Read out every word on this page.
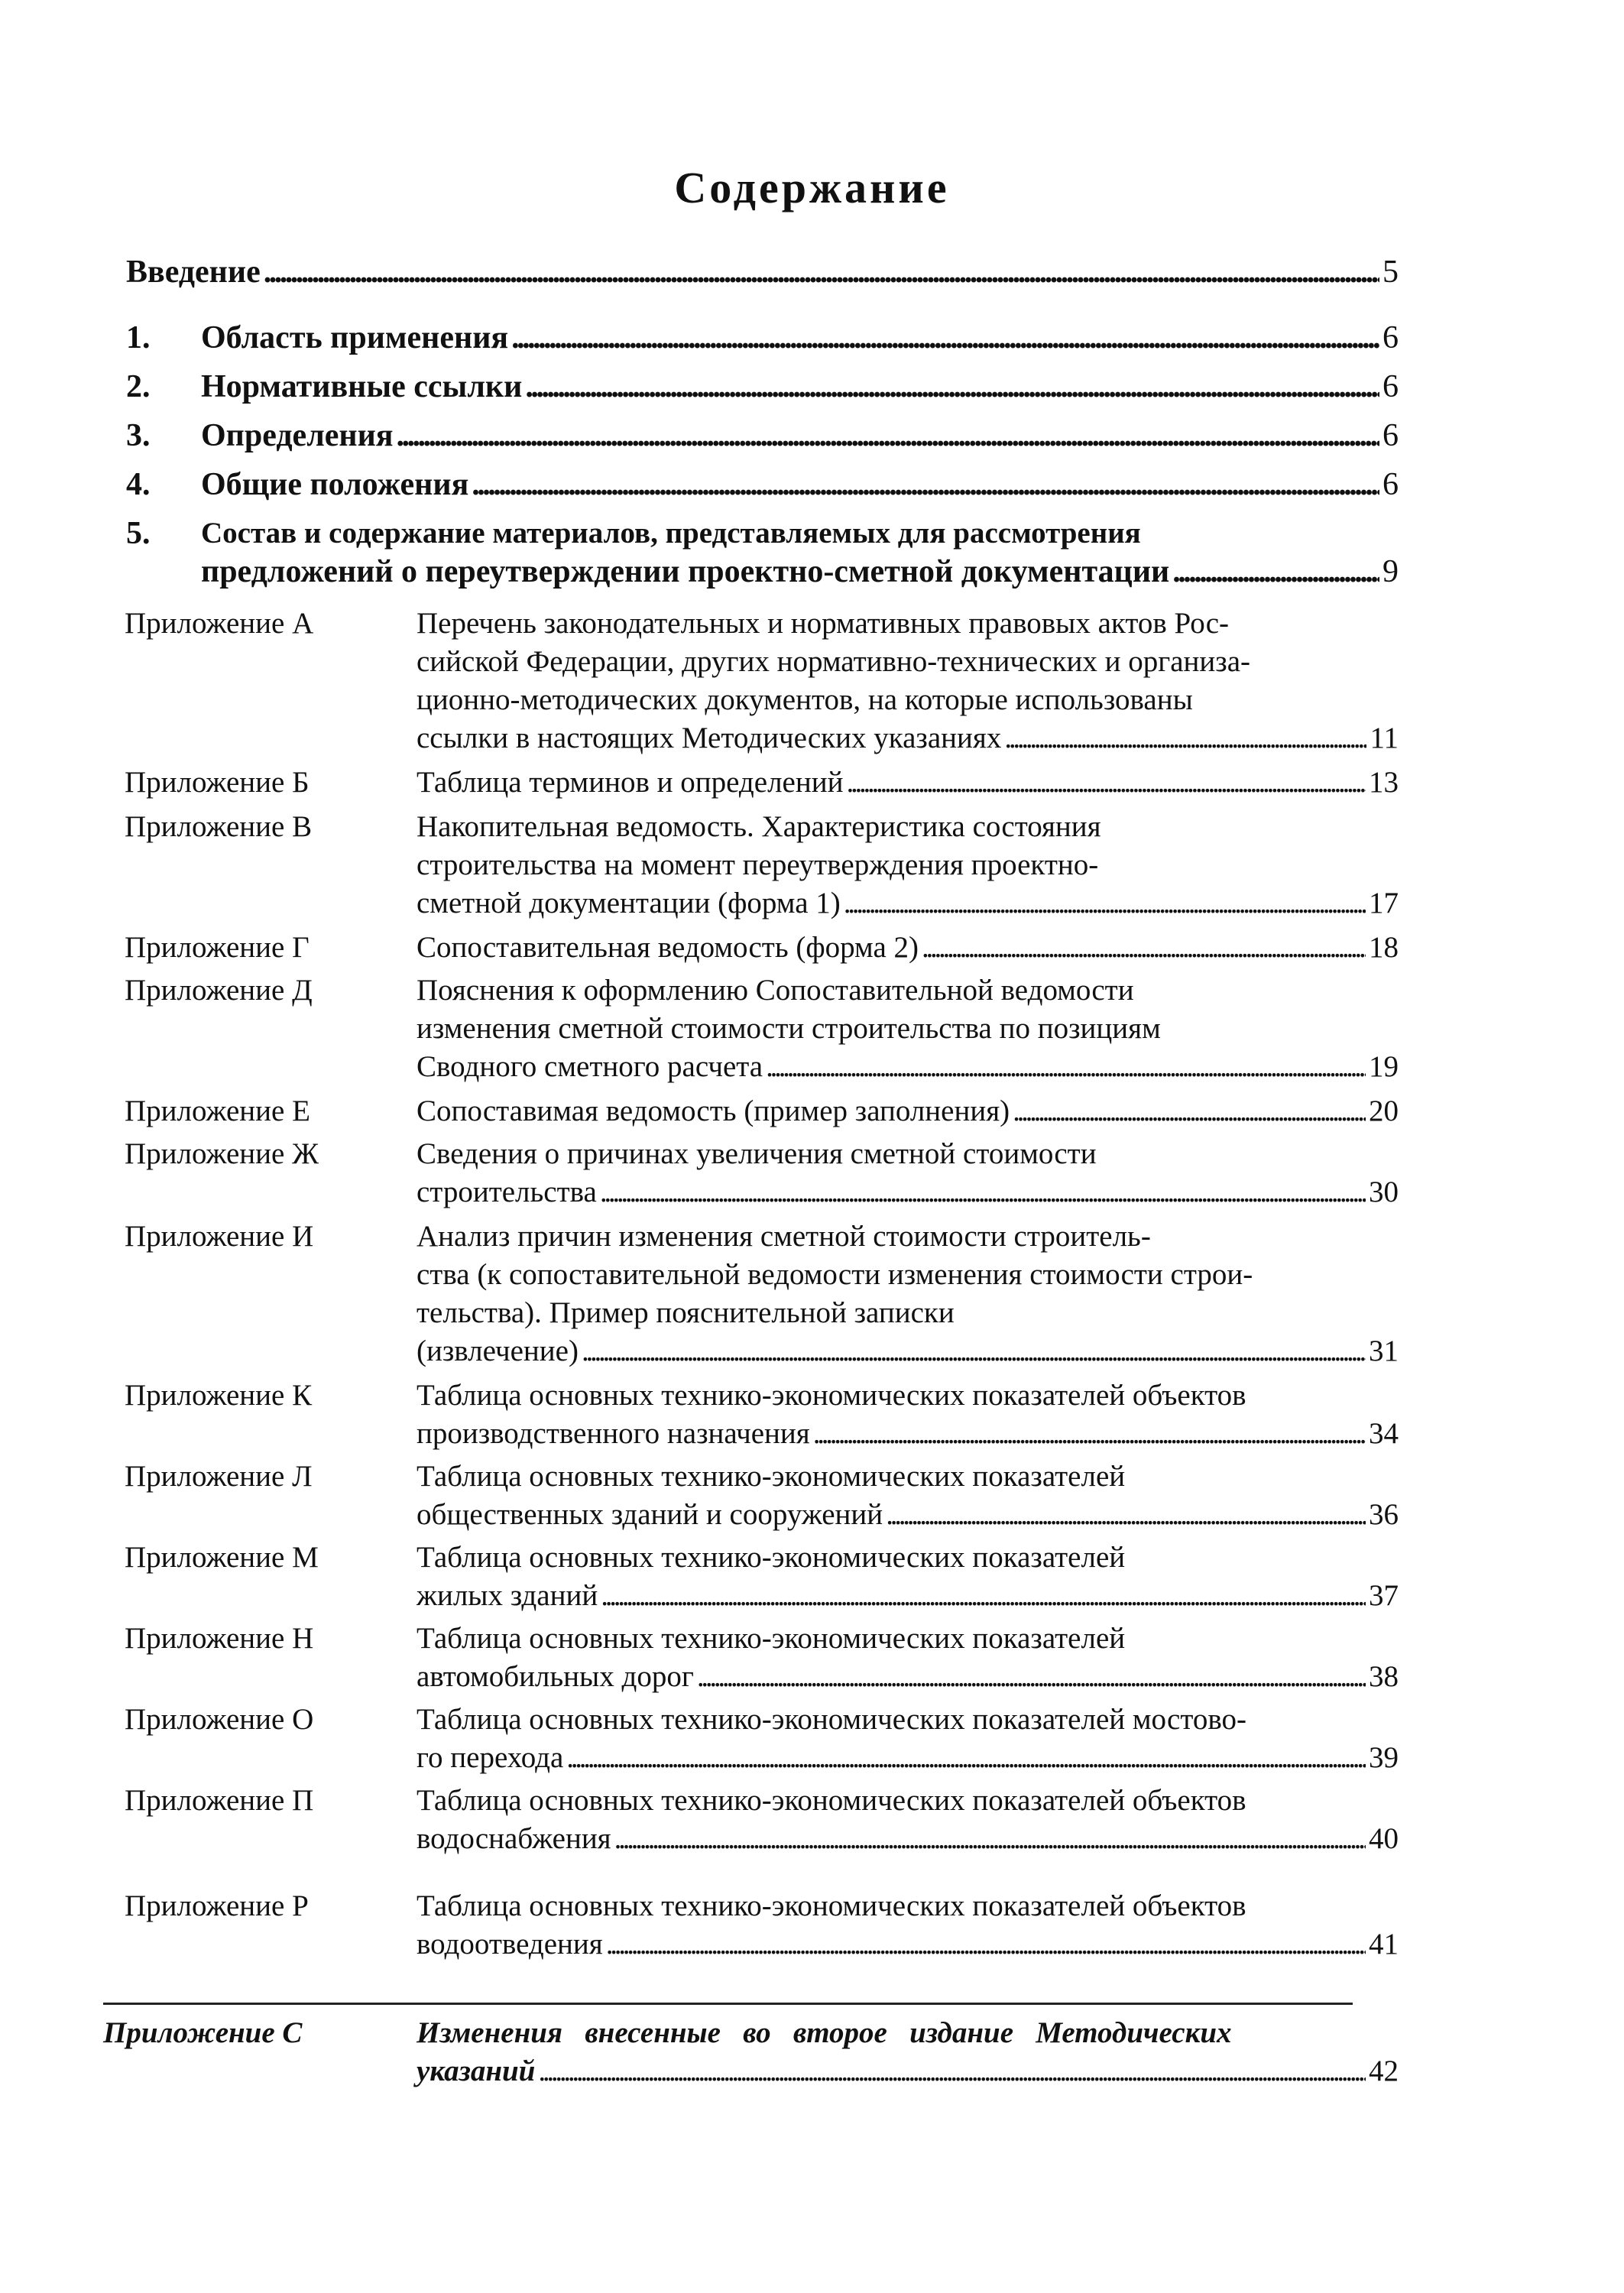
Содержание
Введение . . .	5
1. Область применения . . .	6
2. Нормативные ссылки . . .	6
3. Определения . . .	6
4. Общие положения . . .	6
5. Состав и содержание материалов, представляемых для рассмотрения
предложений о переутверждении проектно-сметной документации . . .	9
Приложение А	Перечень законодательных и нормативных правовых актов Рос-
сийской Федерации, других нормативно-технических и организа-
ционно-методических документов, на которые использованы
ссылки в настоящих Методических указаниях . . .	11
Приложение Б	Таблица терминов и определений . . .	13
Приложение В	Накопительная ведомость. Характеристика состояния
строительства на момент переутверждения проектно-
сметной документации (форма 1) . . .	17
Приложение Г	Сопоставительная ведомость (форма 2) . . .	18
Приложение Д	Пояснения к оформлению Сопоставительной ведомости
изменения сметной стоимости строительства по позициям
Сводного сметного расчета . . .	19
Приложение Е	Сопоставимая ведомость (пример заполнения) . . .	20
Приложение Ж	Сведения о причинах увеличения сметной стоимости
строительства . . .	30
Приложение И	Анализ причин изменения сметной стоимости строитель-
ства (к сопоставительной ведомости изменения стоимости строи-
тельства). Пример пояснительной записки
(извлечение) . . .	31
Приложение К	Таблица основных технико-экономических показателей объектов
производственного назначения . . .	34
Приложение Л	Таблица основных технико-экономических показателей
общественных зданий и сооружений . . .	36
Приложение М	Таблица основных технико-экономических показателей
жилых зданий . . .	37
Приложение Н	Таблица основных технико-экономических показателей
автомобильных дорог . . .	38
Приложение О	Таблица основных технико-экономических показателей мостово-
го перехода . . .	39
Приложение П	Таблица основных технико-экономических показателей объектов
водоснабжения . . .	40
Приложение Р	Таблица основных технико-экономических показателей объектов
водоотведения . . .	41
Приложение С	Изменения   внесенные   во   второе   издание   Методических
указаний . . .	42
